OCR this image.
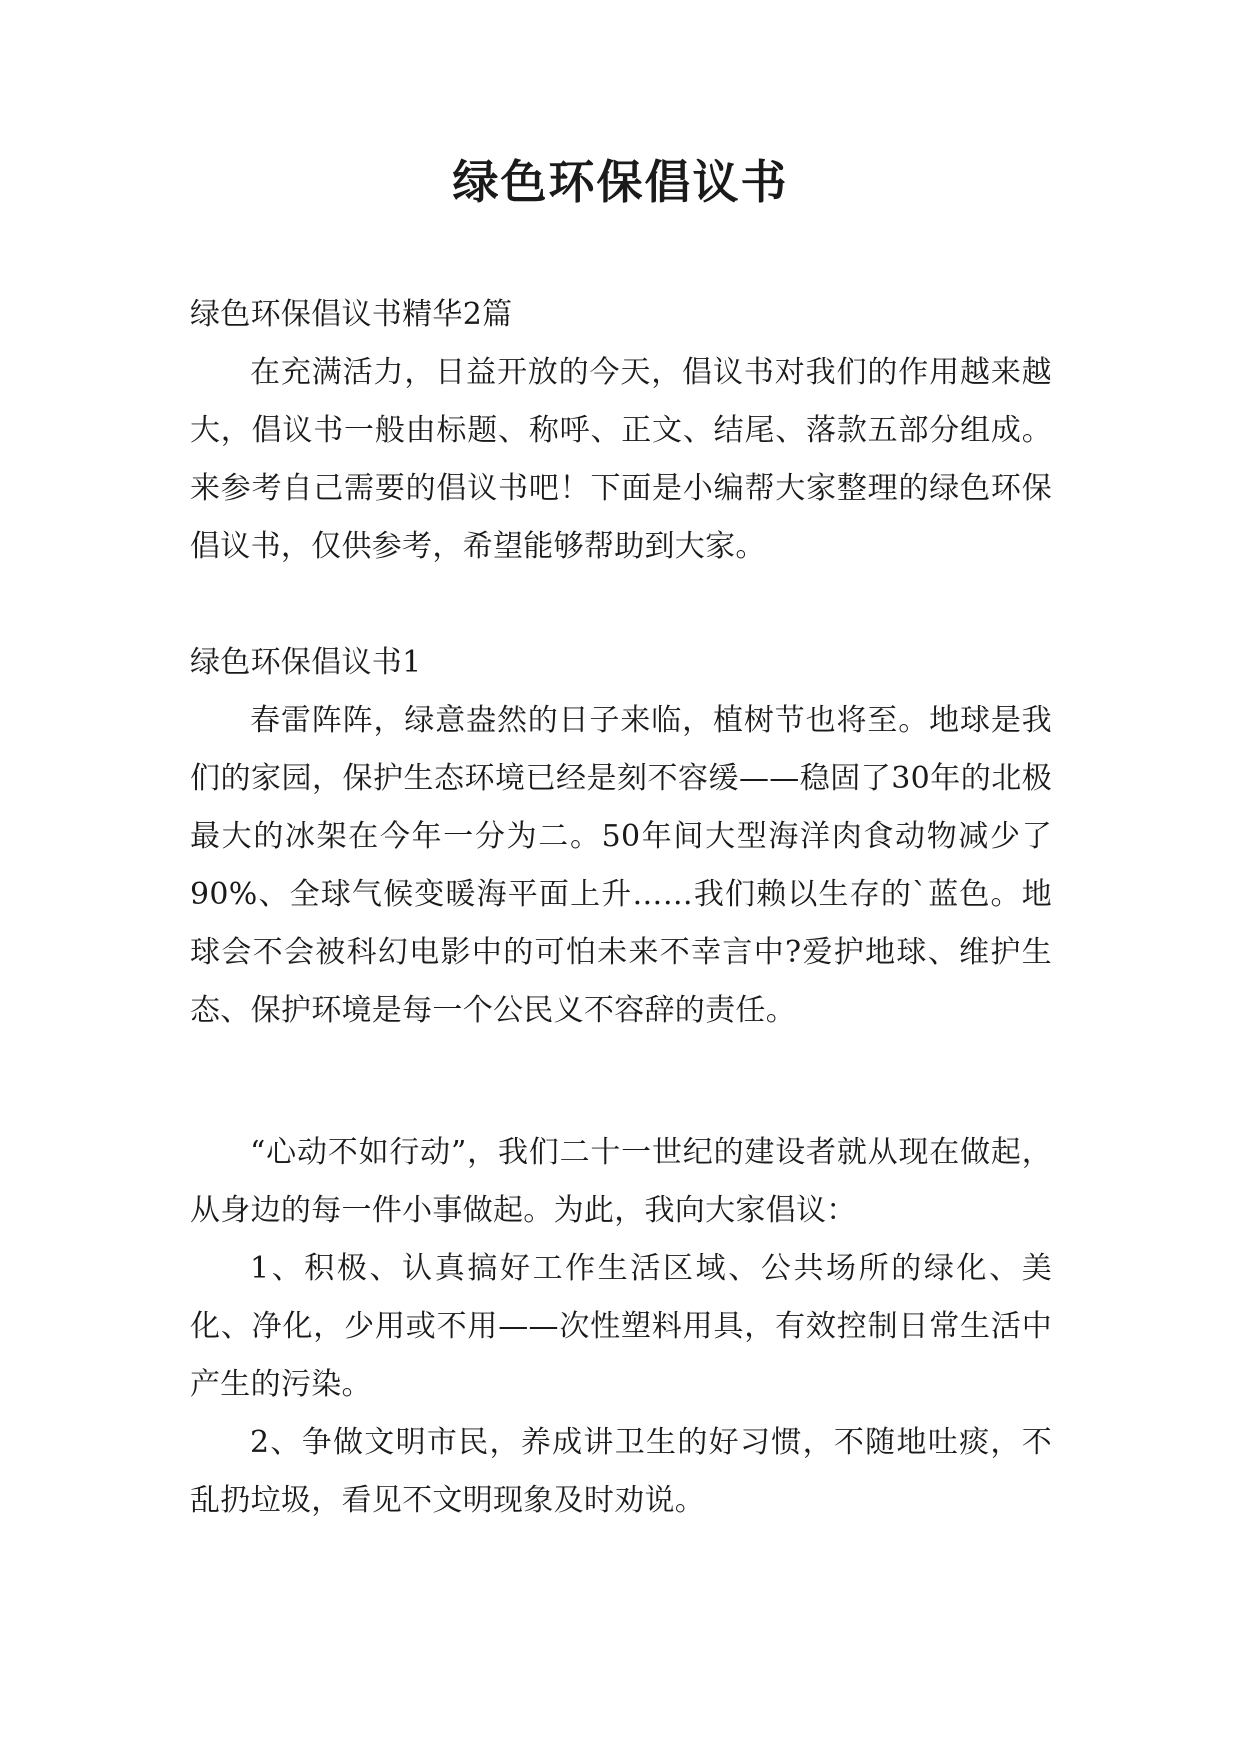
绿色环保倡议书

绿色环保倡议书精华2篇

在充满活力，日益开放的今天，倡议书对我们的作用越来越大，倡议书一般由标题、称呼、正文、结尾、落款五部分组成。来参考自己需要的倡议书吧！下面是小编帮大家整理的绿色环保倡议书，仅供参考，希望能够帮助到大家。

绿色环保倡议书1

春雷阵阵，绿意盎然的日子来临，植树节也将至。地球是我们的家园，保护生态环境已经是刻不容缓——稳固了30年的北极最大的冰架在今年一分为二。50年间大型海洋肉食动物减少了90%、全球气候变暖海平面上升……我们赖以生存的`蓝色。地球会不会被科幻电影中的可怕未来不幸言中?爱护地球、维护生态、保护环境是每一个公民义不容辞的责任。

“心动不如行动”，我们二十一世纪的建设者就从现在做起，从身边的每一件小事做起。为此，我向大家倡议：

1、积极、认真搞好工作生活区域、公共场所的绿化、美化、净化，少用或不用——次性塑料用具，有效控制日常生活中产生的污染。

2、争做文明市民，养成讲卫生的好习惯，不随地吐痰，不乱扔垃圾，看见不文明现象及时劝说。
